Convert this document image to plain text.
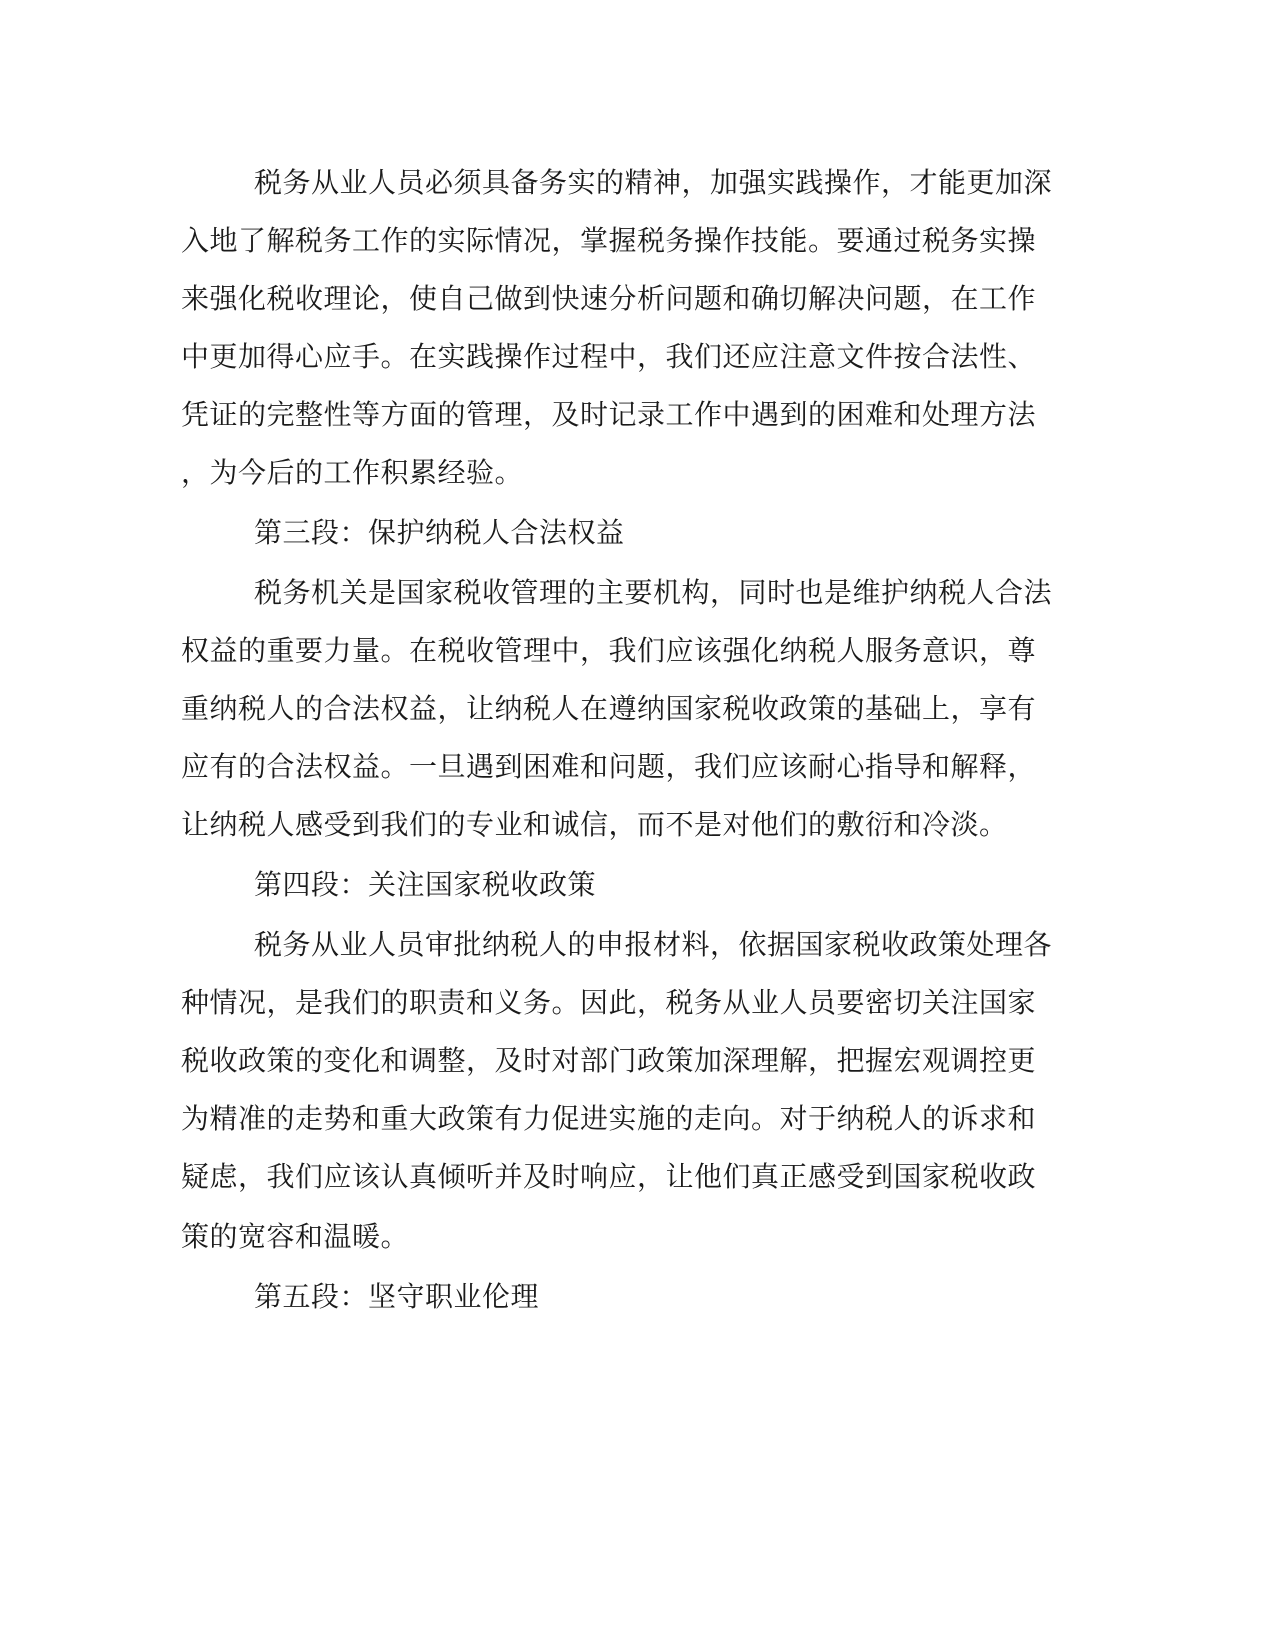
税务从业人员必须具备务实的精神，加强实践操作，才能更加深

入地了解税务工作的实际情况，掌握税务操作技能。要通过税务实操

来强化税收理论，使自己做到快速分析问题和确切解决问题，在工作

中更加得心应手。在实践操作过程中，我们还应注意文件按合法性、

凭证的完整性等方面的管理，及时记录工作中遇到的困难和处理方法

，为今后的工作积累经验。

第三段：保护纳税人合法权益

税务机关是国家税收管理的主要机构，同时也是维护纳税人合法

权益的重要力量。在税收管理中，我们应该强化纳税人服务意识，尊

重纳税人的合法权益，让纳税人在遵纳国家税收政策的基础上，享有

应有的合法权益。一旦遇到困难和问题，我们应该耐心指导和解释，

让纳税人感受到我们的专业和诚信，而不是对他们的敷衍和冷淡。

第四段：关注国家税收政策

税务从业人员审批纳税人的申报材料，依据国家税收政策处理各

种情况，是我们的职责和义务。因此，税务从业人员要密切关注国家

税收政策的变化和调整，及时对部门政策加深理解，把握宏观调控更

为精准的走势和重大政策有力促进实施的走向。对于纳税人的诉求和

疑虑，我们应该认真倾听并及时响应，让他们真正感受到国家税收政

策的宽容和温暖。

第五段：坚守职业伦理
